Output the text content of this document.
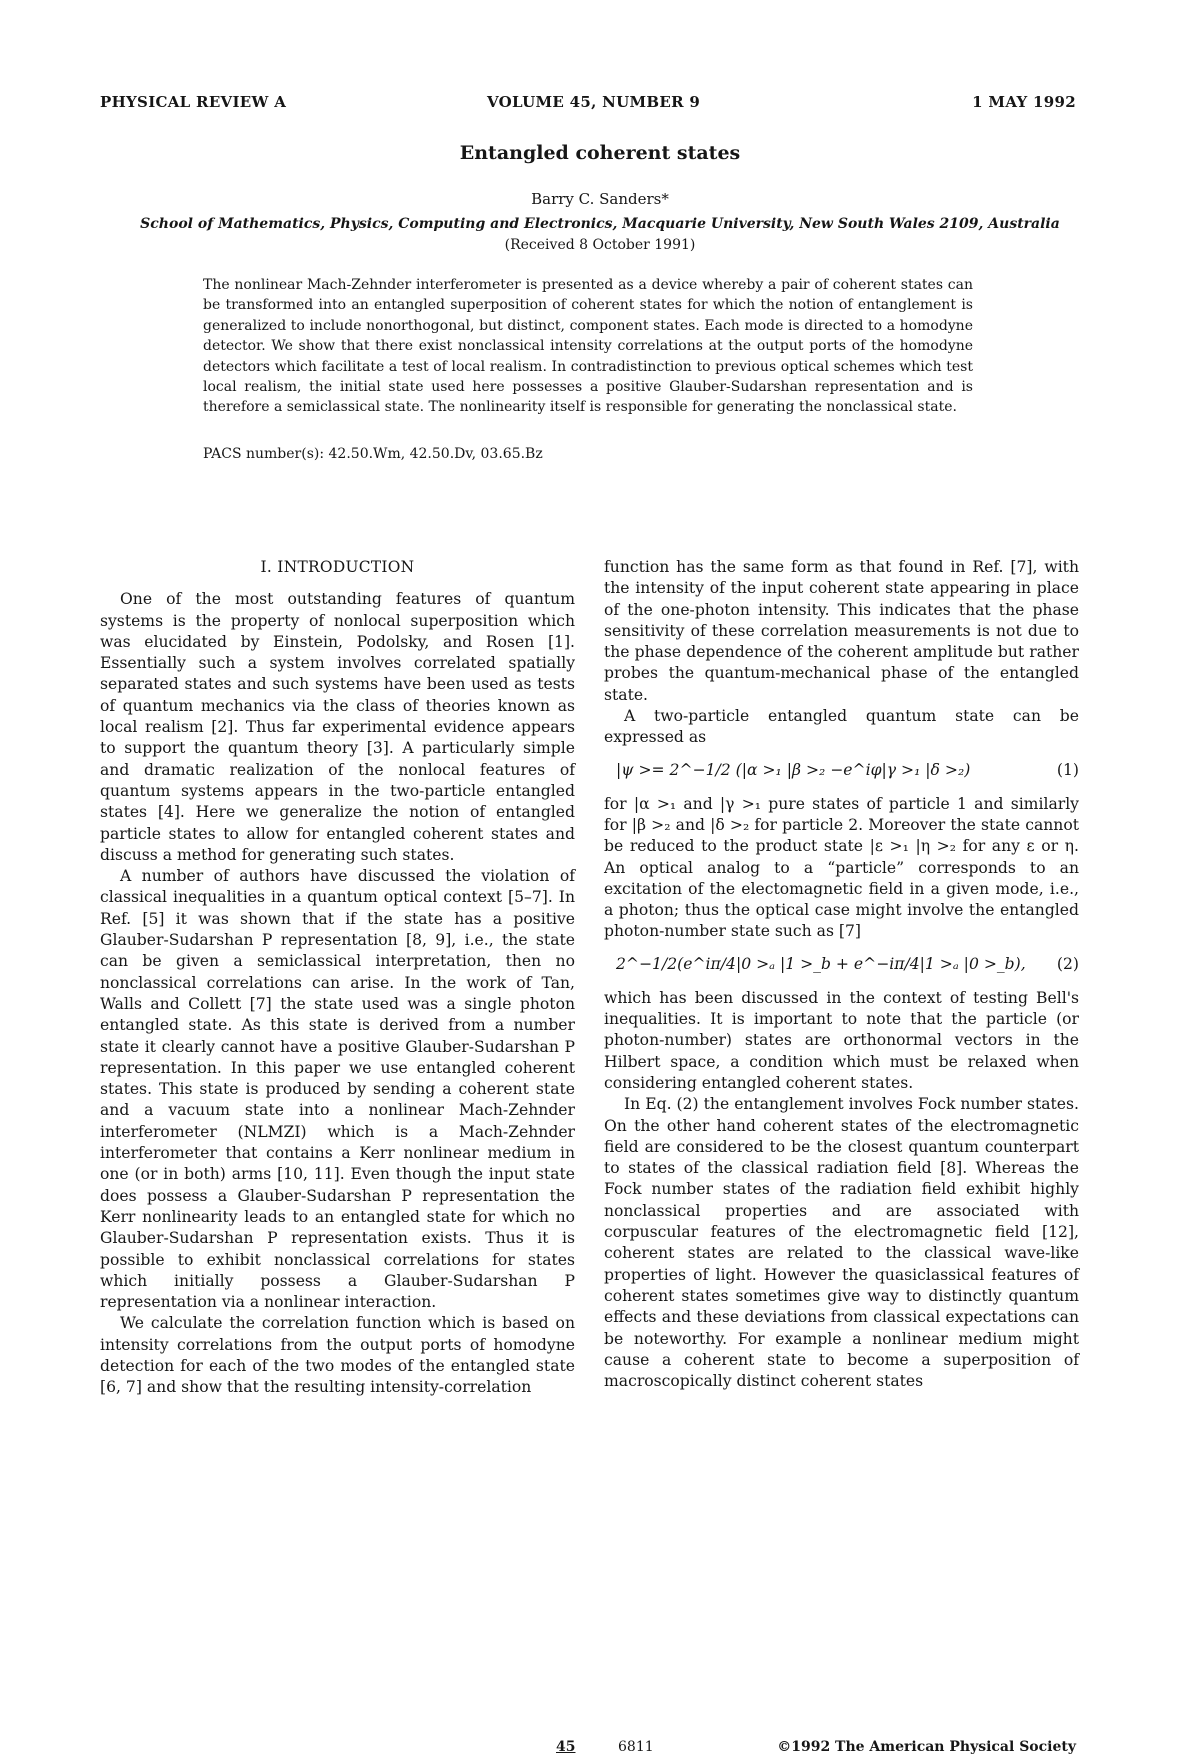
PHYSICAL REVIEW A	VOLUME 45, NUMBER 9	1 MAY 1992
Entangled coherent states
Barry C. Sanders*
School of Mathematics, Physics, Computing and Electronics, Macquarie University, New South Wales 2109, Australia
(Received 8 October 1991)
The nonlinear Mach-Zehnder interferometer is presented as a device whereby a pair of coherent states can be transformed into an entangled superposition of coherent states for which the notion of entanglement is generalized to include nonorthogonal, but distinct, component states. Each mode is directed to a homodyne detector. We show that there exist nonclassical intensity correlations at the output ports of the homodyne detectors which facilitate a test of local realism. In contradistinction to previous optical schemes which test local realism, the initial state used here possesses a positive Glauber-Sudarshan representation and is therefore a semiclassical state. The nonlinearity itself is responsible for generating the nonclassical state.
PACS number(s): 42.50.Wm, 42.50.Dv, 03.65.Bz
I. INTRODUCTION

One of the most outstanding features of quantum systems is the property of nonlocal superposition which was elucidated by Einstein, Podolsky, and Rosen [1]. Essentially such a system involves correlated spatially separated states and such systems have been used as tests of quantum mechanics via the class of theories known as local realism [2]. Thus far experimental evidence appears to support the quantum theory [3]. A particularly simple and dramatic realization of the nonlocal features of quantum systems appears in the two-particle entangled states [4]. Here we generalize the notion of entangled particle states to allow for entangled coherent states and discuss a method for generating such states.

A number of authors have discussed the violation of classical inequalities in a quantum optical context [5–7]. In Ref. [5] it was shown that if the state has a positive Glauber-Sudarshan P representation [8, 9], i.e., the state can be given a semiclassical interpretation, then no nonclassical correlations can arise. In the work of Tan, Walls and Collett [7] the state used was a single photon entangled state. As this state is derived from a number state it clearly cannot have a positive Glauber-Sudarshan P representation. In this paper we use entangled coherent states. This state is produced by sending a coherent state and a vacuum state into a nonlinear Mach-Zehnder interferometer (NLMZI) which is a Mach-Zehnder interferometer that contains a Kerr nonlinear medium in one (or in both) arms [10, 11]. Even though the input state does possess a Glauber-Sudarshan P representation the Kerr nonlinearity leads to an entangled state for which no Glauber-Sudarshan P representation exists. Thus it is possible to exhibit nonclassical correlations for states which initially possess a Glauber-Sudarshan P representation via a nonlinear interaction.

We calculate the correlation function which is based on intensity correlations from the output ports of homodyne detection for each of the two modes of the entangled state [6, 7] and show that the resulting intensity-correlation

function has the same form as that found in Ref. [7], with the intensity of the input coherent state appearing in place of the one-photon intensity. This indicates that the phase sensitivity of these correlation measurements is not due to the phase dependence of the coherent amplitude but rather probes the quantum-mechanical phase of the entangled state.

A two-particle entangled quantum state can be expressed as

|ψ >= 2^−1/2 (|α >₁ |β >₂ −e^iφ|γ >₁ |δ >₂)	(1)

for |α >₁ and |γ >₁ pure states of particle 1 and similarly for |β >₂ and |δ >₂ for particle 2. Moreover the state cannot be reduced to the product state |ε >₁ |η >₂ for any ε or η. An optical analog to a “particle” corresponds to an excitation of the electomagnetic field in a given mode, i.e., a photon; thus the optical case might involve the entangled photon-number state such as [7]

2^−1/2(e^iπ/4|0 >ₐ |1 >_b + e^−iπ/4|1 >ₐ |0 >_b), (2)

which has been discussed in the context of testing Bell's inequalities. It is important to note that the particle (or photon-number) states are orthonormal vectors in the Hilbert space, a condition which must be relaxed when considering entangled coherent states.

In Eq. (2) the entanglement involves Fock number states. On the other hand coherent states of the electromagnetic field are considered to be the closest quantum counterpart to states of the classical radiation field [8]. Whereas the Fock number states of the radiation field exhibit highly nonclassical properties and are associated with corpuscular features of the electromagnetic field [12], coherent states are related to the classical wave-like properties of light. However the quasiclassical features of coherent states sometimes give way to distinctly quantum effects and these deviations from classical expectations can be noteworthy. For example a nonlinear medium might cause a coherent state to become a superposition of macroscopically distinct coherent states

45	6811	©1992 The American Physical Society
